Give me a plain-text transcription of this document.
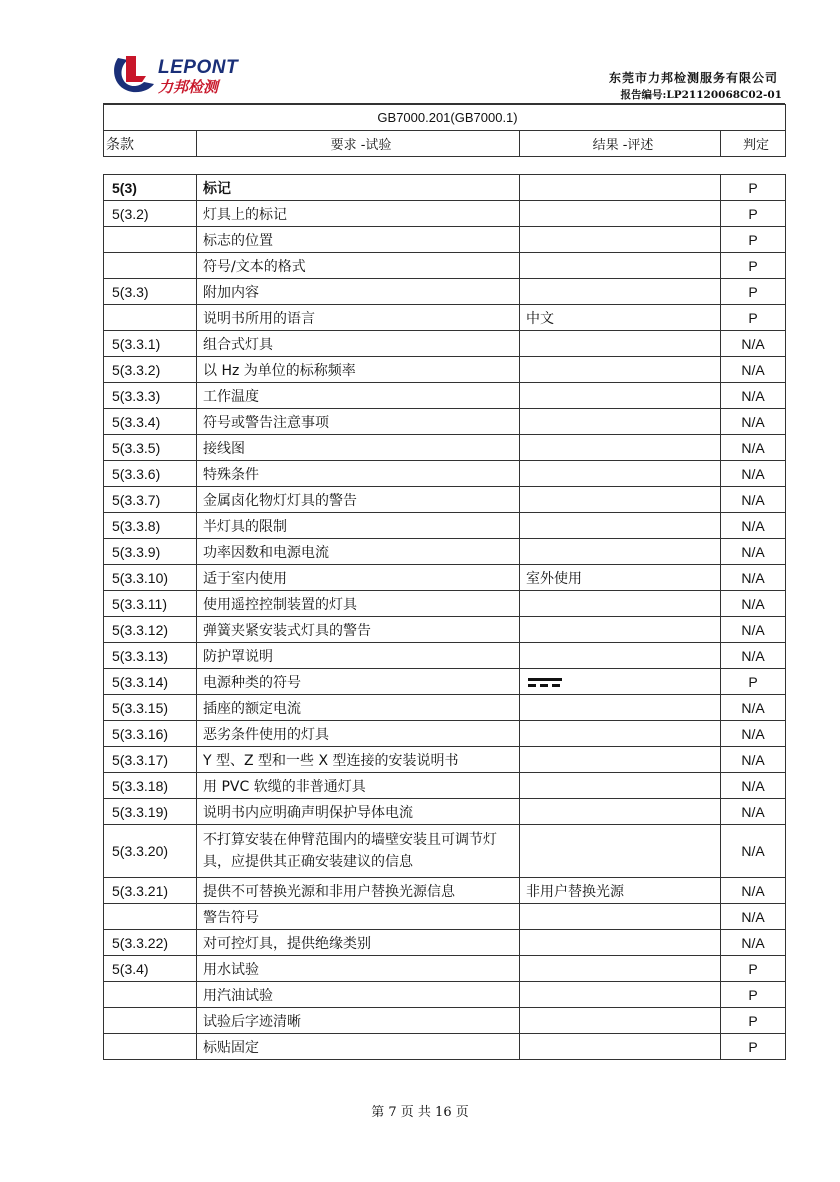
LEPONT
力邦检测	东莞市力邦检测服务有限公司
报告编号:LP21120068C02-01
GB7000.201(GB7000.1)
条款	要求 -试验	结果 -评述	判定
5(3)	标记		P
5(3.2)	灯具上的标记		P
	标志的位置		P
	符号/文本的格式		P
5(3.3)	附加内容		P
	说明书所用的语言	中文	P
5(3.3.1)	组合式灯具		N/A
5(3.3.2)	以 Hz 为单位的标称频率		N/A
5(3.3.3)	工作温度		N/A
5(3.3.4)	符号或警告注意事项		N/A
5(3.3.5)	接线图		N/A
5(3.3.6)	特殊条件		N/A
5(3.3.7)	金属卤化物灯灯具的警告		N/A
5(3.3.8)	半灯具的限制		N/A
5(3.3.9)	功率因数和电源电流		N/A
5(3.3.10)	适于室内使用	室外使用	N/A
5(3.3.11)	使用遥控控制装置的灯具		N/A
5(3.3.12)	弹簧夹紧安装式灯具的警告		N/A
5(3.3.13)	防护罩说明		N/A
5(3.3.14)	电源种类的符号		P
5(3.3.15)	插座的额定电流		N/A
5(3.3.16)	恶劣条件使用的灯具		N/A
5(3.3.17)	Y 型、Z 型和一些 X 型连接的安装说明书		N/A
5(3.3.18)	用 PVC 软缆的非普通灯具		N/A
5(3.3.19)	说明书内应明确声明保护导体电流		N/A
5(3.3.20)	不打算安装在伸臂范围内的墙壁安装且可调节灯具，应提供其正确安装建议的信息		N/A
5(3.3.21)	提供不可替换光源和非用户替换光源信息	非用户替换光源	N/A
	警告符号		N/A
5(3.3.22)	对可控灯具，提供绝缘类别		N/A
5(3.4)	用水试验		P
	用汽油试验		P
	试验后字迹清晰		P
	标贴固定		P
第 7 页 共 16 页
